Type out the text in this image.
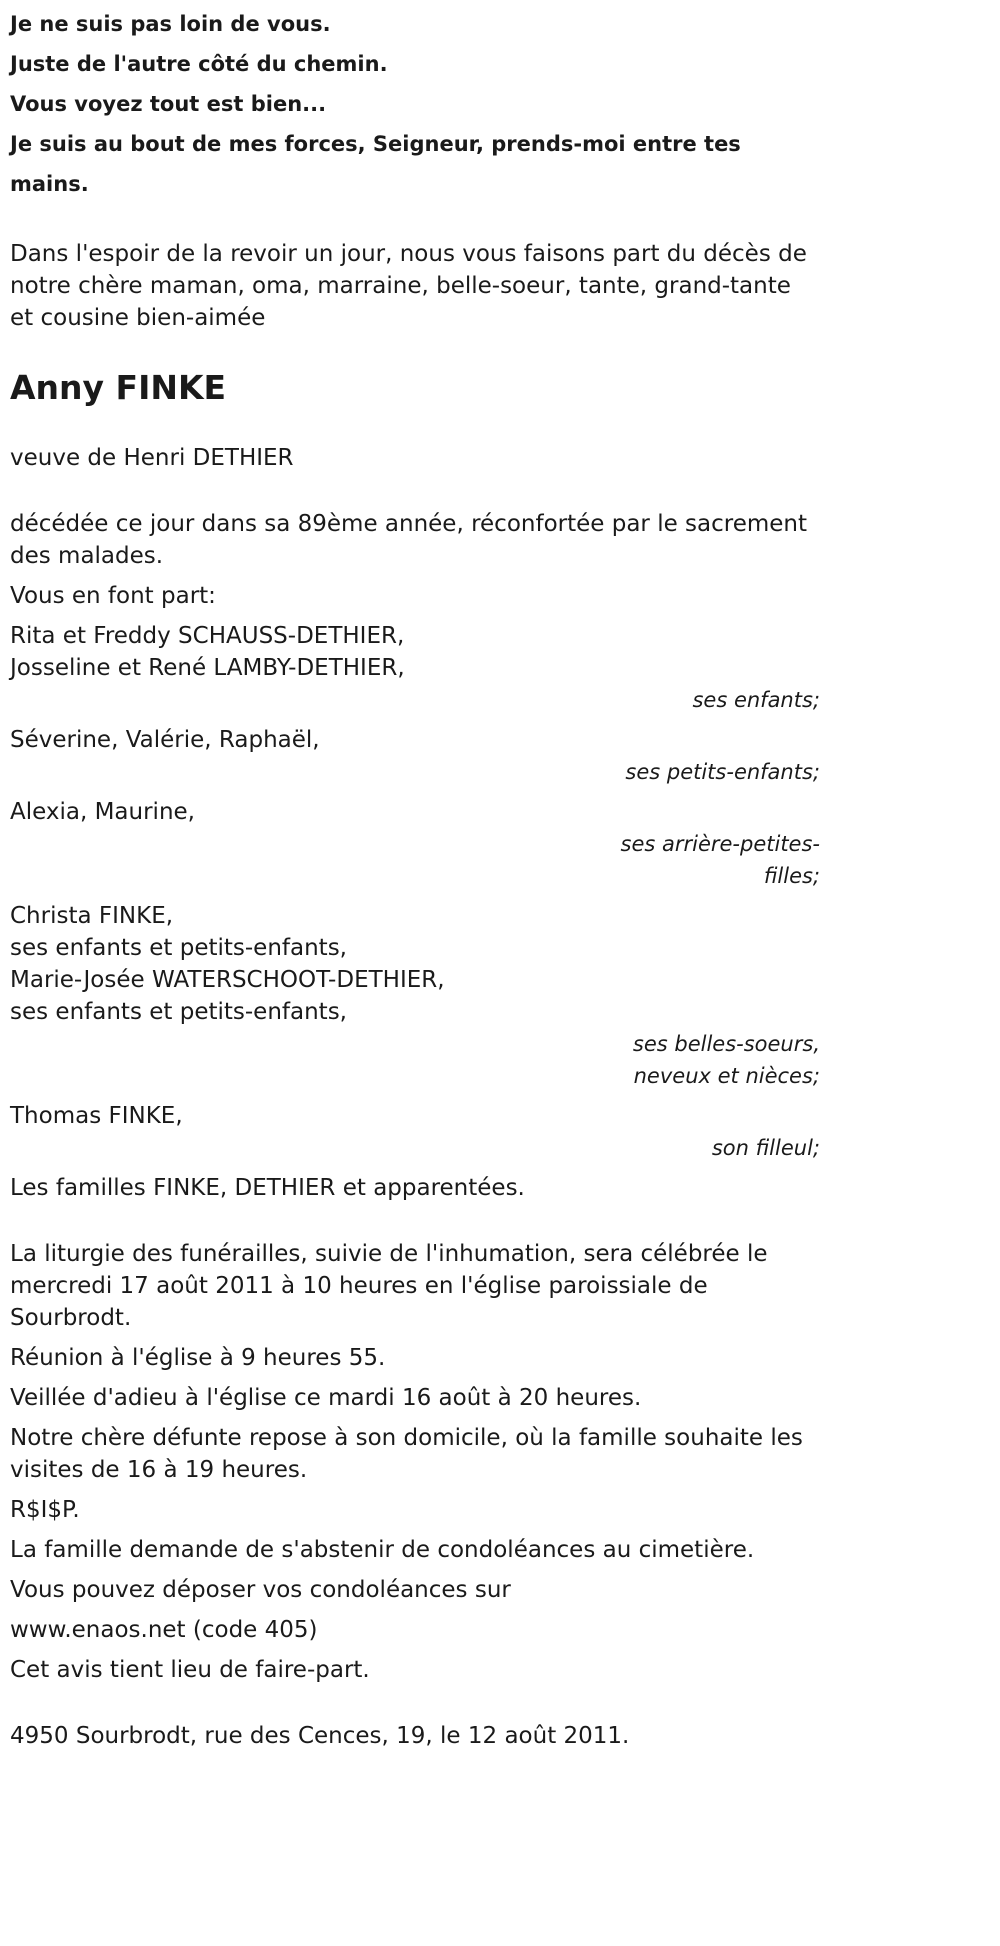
Je ne suis pas loin de vous.

Juste de l'autre côté du chemin.

Vous voyez tout est bien...

Je suis au bout de mes forces, Seigneur, prends-moi entre tes mains.

Dans l'espoir de la revoir un jour, nous vous faisons part du décès de notre chère maman, oma, marraine, belle-soeur, tante, grand-tante et cousine bien-aimée

Anny FINKE

veuve de Henri DETHIER

décédée ce jour dans sa 89ème année, réconfortée par le sacrement des malades.

Vous en font part:

Rita et Freddy SCHAUSS-DETHIER,

Josseline et René LAMBY-DETHIER,

ses enfants;

Séverine, Valérie, Raphaël,

ses petits-enfants;

Alexia, Maurine,

ses arrière-petites-

filles;

Christa FINKE,

ses enfants et petits-enfants,

Marie-Josée WATERSCHOOT-DETHIER,

ses enfants et petits-enfants,

ses belles-soeurs,

neveux et nièces;

Thomas FINKE,

son filleul;

Les familles FINKE, DETHIER et apparentées.

La liturgie des funérailles, suivie de l'inhumation, sera célébrée le mercredi 17 août 2011 à 10 heures en l'église paroissiale de Sourbrodt.

Réunion à l'église à 9 heures 55.

Veillée d'adieu à l'église ce mardi 16 août à 20 heures.

Notre chère défunte repose à son domicile, où la famille souhaite les visites de 16 à 19 heures.

R$I$P.

La famille demande de s'abstenir de condoléances au cimetière.

Vous pouvez déposer vos condoléances sur

www.enaos.net (code 405)

Cet avis tient lieu de faire-part.

4950 Sourbrodt, rue des Cences, 19, le 12 août 2011.
